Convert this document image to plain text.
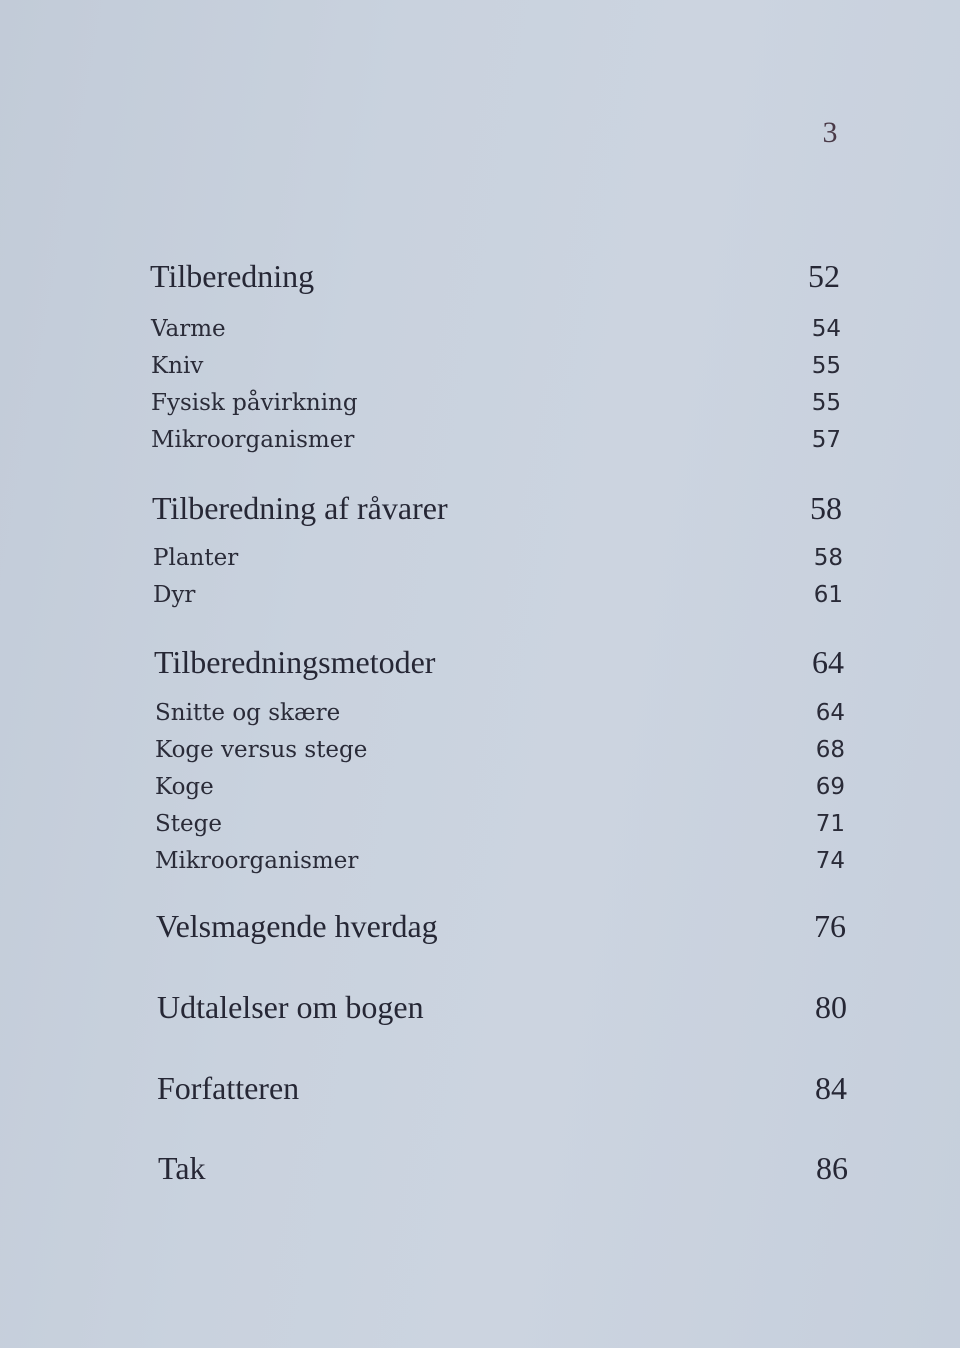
3
Tilberedning	52
Varme	54
Kniv	55
Fysisk påvirkning	55
Mikroorganismer	57
Tilberedning af råvarer	58
Planter	58
Dyr	61
Tilberedningsmetoder	64
Snitte og skære	64
Koge versus stege	68
Koge	69
Stege	71
Mikroorganismer	74
Velsmagende hverdag	76
Udtalelser om bogen	80
Forfatteren	84
Tak	86
